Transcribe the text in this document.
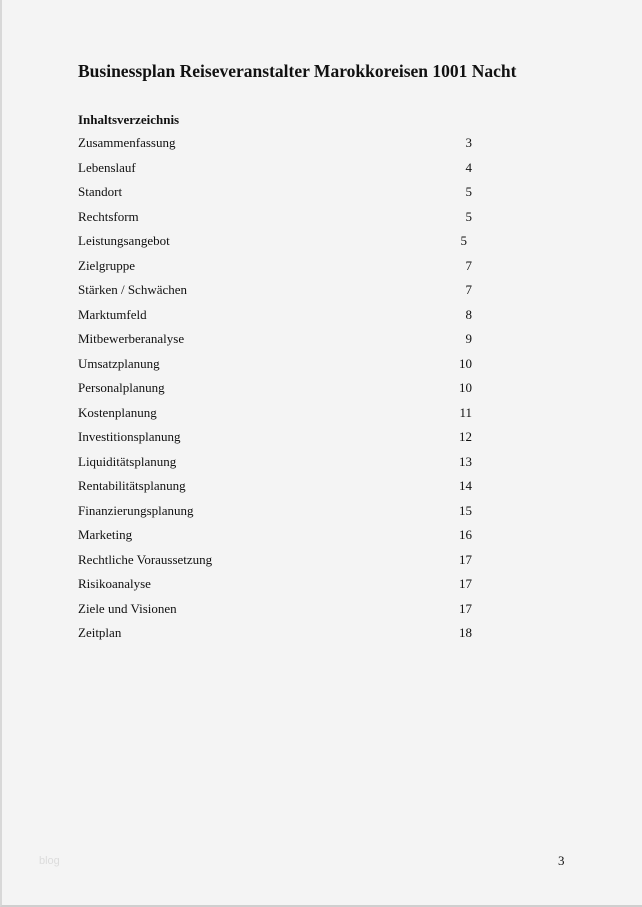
Businessplan Reiseveranstalter Marokkoreisen 1001 Nacht
Inhaltsverzeichnis
Zusammenfassung	3
Lebenslauf	4
Standort	5
Rechtsform	5
Leistungsangebot	5
Zielgruppe	7
Stärken / Schwächen	7
Marktumfeld	8
Mitbewerberanalyse	9
Umsatzplanung	10
Personalplanung	10
Kostenplanung	11
Investitionsplanung	12
Liquiditätsplanung	13
Rentabilitätsplanung	14
Finanzierungsplanung	15
Marketing	16
Rechtliche Voraussetzung	17
Risikoanalyse	17
Ziele und Visionen	17
Zeitplan	18
blog	3
